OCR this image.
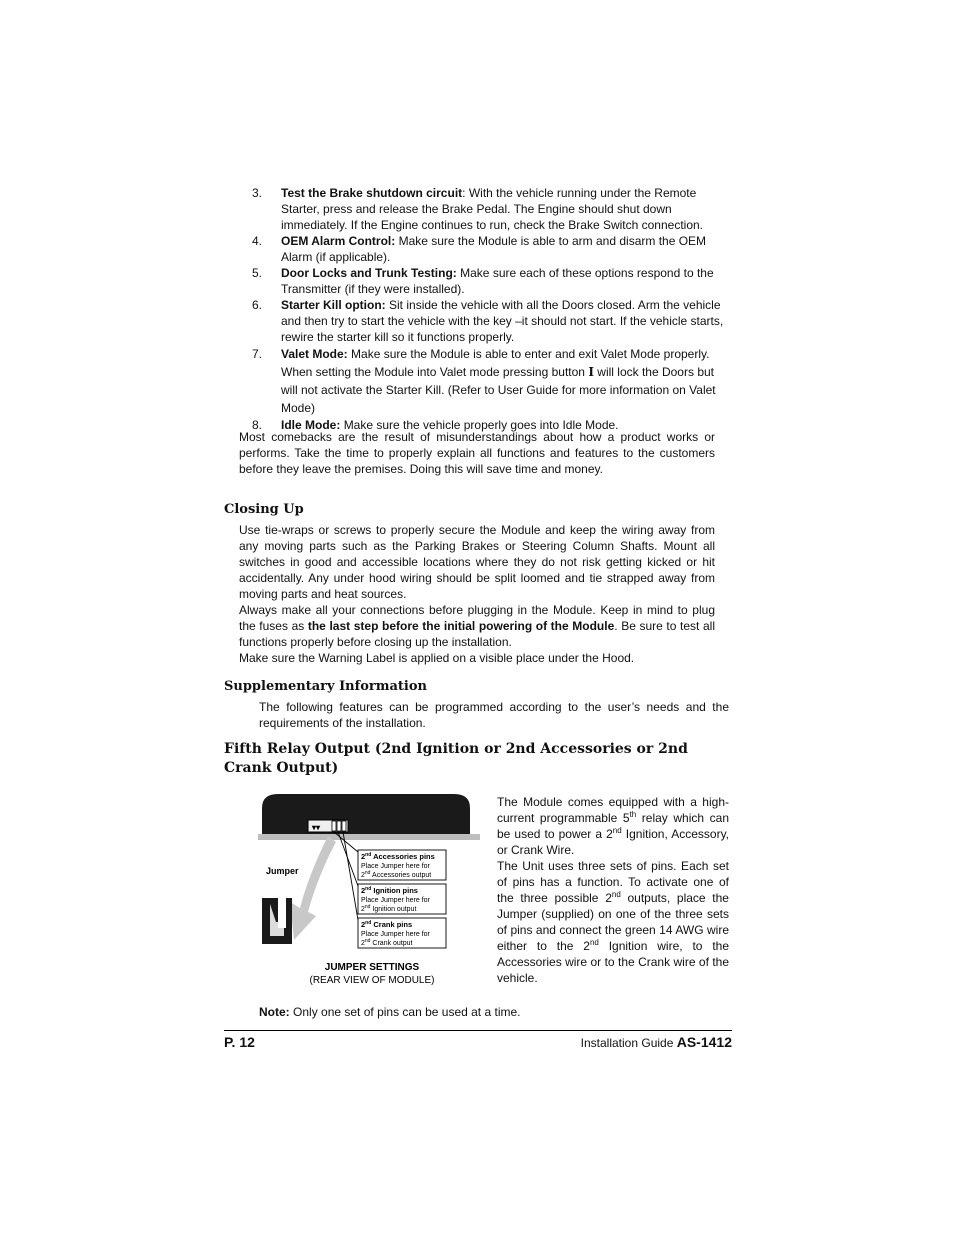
3. Test the Brake shutdown circuit: With the vehicle running under the Remote Starter, press and release the Brake Pedal. The Engine should shut down immediately. If the Engine continues to run, check the Brake Switch connection.
4. OEM Alarm Control: Make sure the Module is able to arm and disarm the OEM Alarm (if applicable).
5. Door Locks and Trunk Testing: Make sure each of these options respond to the Transmitter (if they were installed).
6. Starter Kill option: Sit inside the vehicle with all the Doors closed. Arm the vehicle and then try to start the vehicle with the key –it should not start. If the vehicle starts, rewire the starter kill so it functions properly.
7. Valet Mode: Make sure the Module is able to enter and exit Valet Mode properly. When setting the Module into Valet mode pressing button I will lock the Doors but will not activate the Starter Kill. (Refer to User Guide for more information on Valet Mode)
8. Idle Mode: Make sure the vehicle properly goes into Idle Mode.

Most comebacks are the result of misunderstandings about how a product works or performs. Take the time to properly explain all functions and features to the customers before they leave the premises. Doing this will save time and money.

Closing Up
Use tie-wraps or screws to properly secure the Module and keep the wiring away from any moving parts such as the Parking Brakes or Steering Column Shafts. Mount all switches in good and accessible locations where they do not risk getting kicked or hit accidentally. Any under hood wiring should be split loomed and tie strapped away from moving parts and heat sources.
Always make all your connections before plugging in the Module. Keep in mind to plug the fuses as the last step before the initial powering of the Module. Be sure to test all functions properly before closing up the installation.
Make sure the Warning Label is applied on a visible place under the Hood.
Supplementary Information

The following features can be programmed according to the user’s needs and the requirements of the installation.

Fifth Relay Output (2nd Ignition or 2nd Accessories or 2nd Crank Output)
▾▾
Jumper
2nd Accessories pins
Place Jumper here for
2nd Accessories output
2nd Ignition pins
Place Jumper here for
2nd Ignition output
2nd Crank pins
Place Jumper here for
2nd Crank output
JUMPER SETTINGS
(REAR VIEW OF MODULE)
The Module comes equipped with a high-current programmable 5th relay which can be used to power a 2nd Ignition, Accessory, or Crank Wire.
The Unit uses three sets of pins. Each set of pins has a function. To activate one of the three possible 2nd outputs, place the Jumper (supplied) on one of the three sets of pins and connect the green 14 AWG wire either to the 2nd Ignition wire, to the Accessories wire or to the Crank wire of the vehicle.
Note: Only one set of pins can be used at a time.
P. 12	Installation Guide AS-1412
